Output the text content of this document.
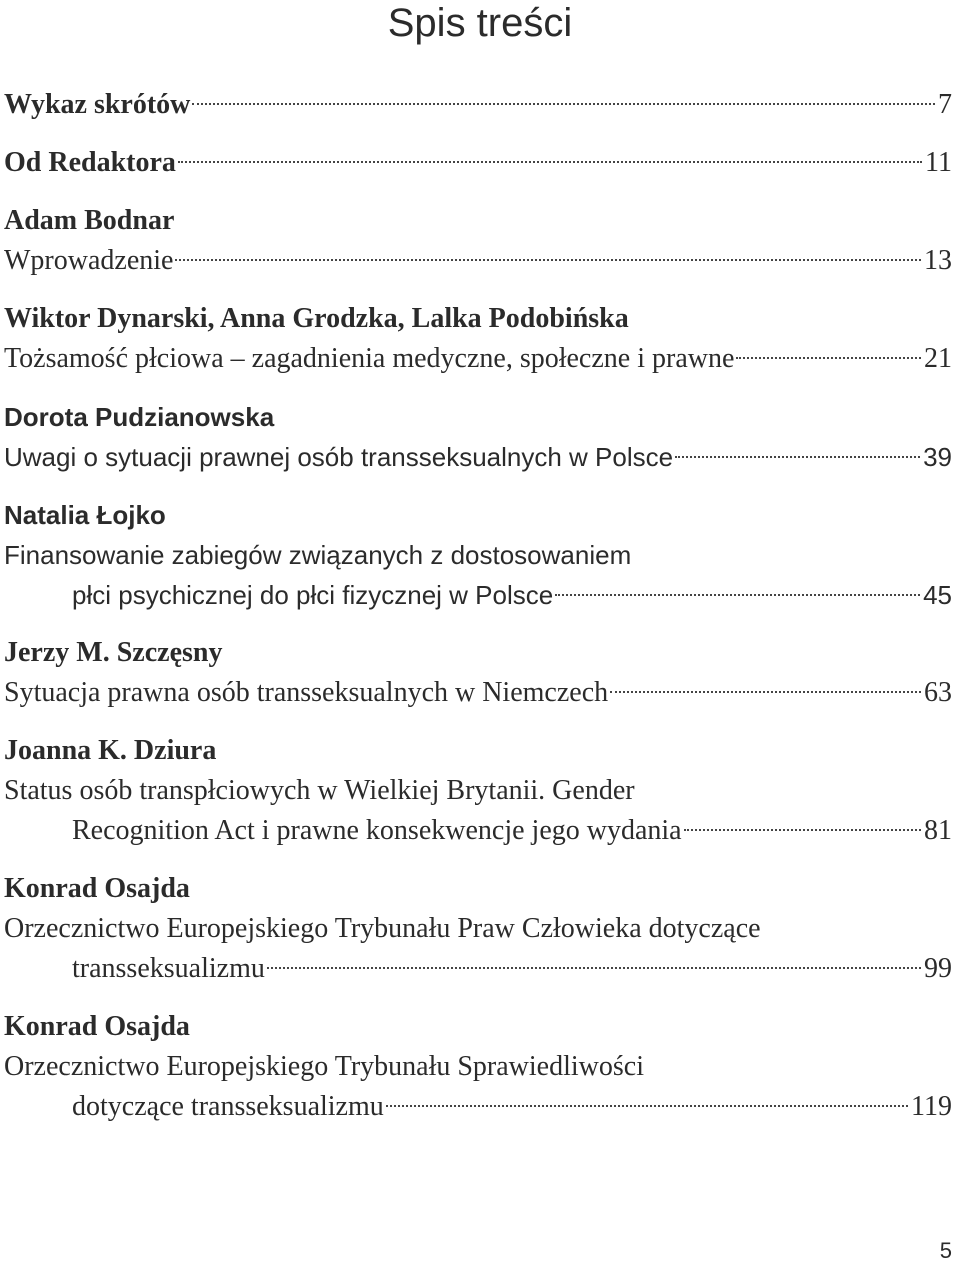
Spis treści
Wykaz skrótów	7
Od Redaktora	11
Adam Bodnar
Wprowadzenie	13
Wiktor Dynarski, Anna Grodzka, Lalka Podobińska
Tożsamość płciowa – zagadnienia medyczne, społeczne i prawne	21
Dorota Pudzianowska
Uwagi o sytuacji prawnej osób transseksualnych w Polsce	39
Natalia Łojko
Finansowanie zabiegów związanych z dostosowaniem
płci psychicznej do płci fizycznej w Polsce	45
Jerzy M. Szczęsny
Sytuacja prawna osób transseksualnych w Niemczech	63
Joanna K. Dziura
Status osób transpłciowych w Wielkiej Brytanii. Gender
Recognition Act i prawne konsekwencje jego wydania	81
Konrad Osajda
Orzecznictwo Europejskiego Trybunału Praw Człowieka dotyczące
transseksualizmu	99
Konrad Osajda
Orzecznictwo Europejskiego Trybunału Sprawiedliwości
dotyczące transseksualizmu	119
5
